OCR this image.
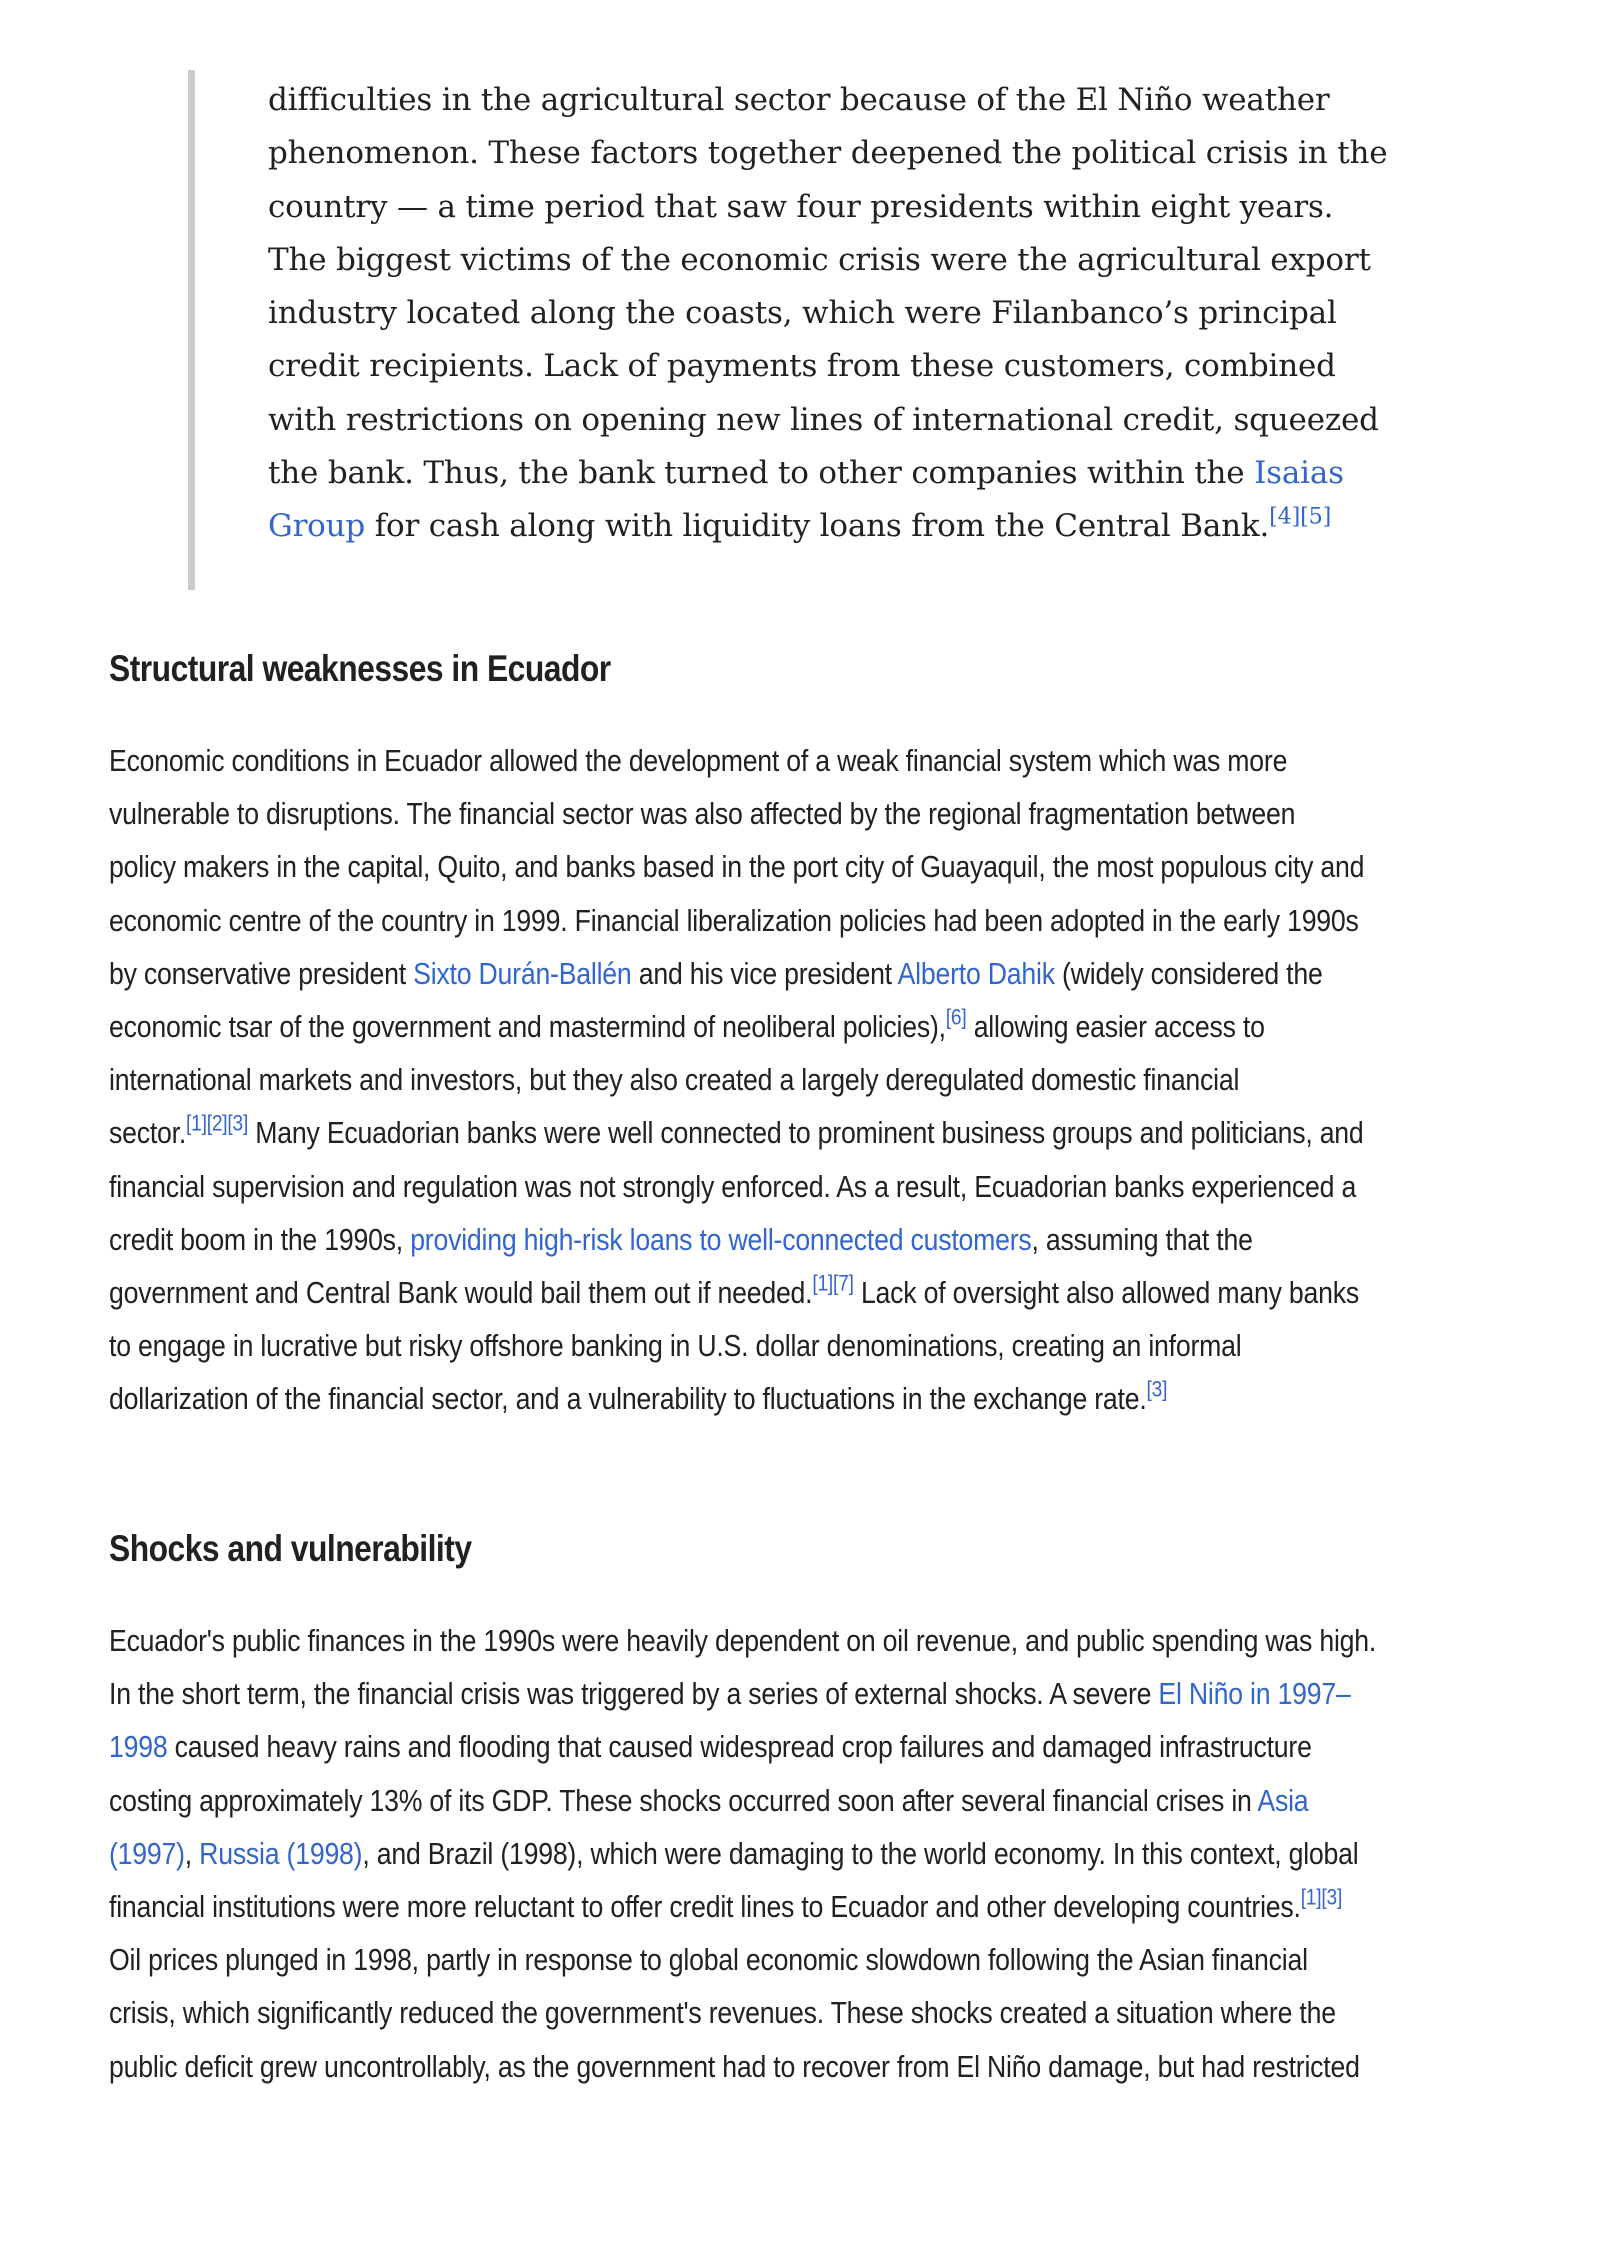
difficulties in the agricultural sector because of the El Niño weather
phenomenon. These factors together deepened the political crisis in the
country — a time period that saw four presidents within eight years.
The biggest victims of the economic crisis were the agricultural export
industry located along the coasts, which were Filanbanco’s principal
credit recipients. Lack of payments from these customers, combined
with restrictions on opening new lines of international credit, squeezed
the bank. Thus, the bank turned to other companies within the Isaias
Group for cash along with liquidity loans from the Central Bank.[4][5]

Structural weaknesses in Ecuador

Economic conditions in Ecuador allowed the development of a weak financial system which was more
vulnerable to disruptions. The financial sector was also affected by the regional fragmentation between
policy makers in the capital, Quito, and banks based in the port city of Guayaquil, the most populous city and
economic centre of the country in 1999. Financial liberalization policies had been adopted in the early 1990s
by conservative president Sixto Durán-Ballén and his vice president Alberto Dahik (widely considered the
economic tsar of the government and mastermind of neoliberal policies),[6] allowing easier access to
international markets and investors, but they also created a largely deregulated domestic financial
sector.[1][2][3] Many Ecuadorian banks were well connected to prominent business groups and politicians, and
financial supervision and regulation was not strongly enforced. As a result, Ecuadorian banks experienced a
credit boom in the 1990s, providing high-risk loans to well-connected customers, assuming that the
government and Central Bank would bail them out if needed.[1][7] Lack of oversight also allowed many banks
to engage in lucrative but risky offshore banking in U.S. dollar denominations, creating an informal
dollarization of the financial sector, and a vulnerability to fluctuations in the exchange rate.[3]

Shocks and vulnerability

Ecuador's public finances in the 1990s were heavily dependent on oil revenue, and public spending was high.
In the short term, the financial crisis was triggered by a series of external shocks. A severe El Niño in 1997–
1998 caused heavy rains and flooding that caused widespread crop failures and damaged infrastructure
costing approximately 13% of its GDP. These shocks occurred soon after several financial crises in Asia
(1997), Russia (1998), and Brazil (1998), which were damaging to the world economy. In this context, global
financial institutions were more reluctant to offer credit lines to Ecuador and other developing countries.[1][3]
Oil prices plunged in 1998, partly in response to global economic slowdown following the Asian financial
crisis, which significantly reduced the government's revenues. These shocks created a situation where the
public deficit grew uncontrollably, as the government had to recover from El Niño damage, but had restricted
